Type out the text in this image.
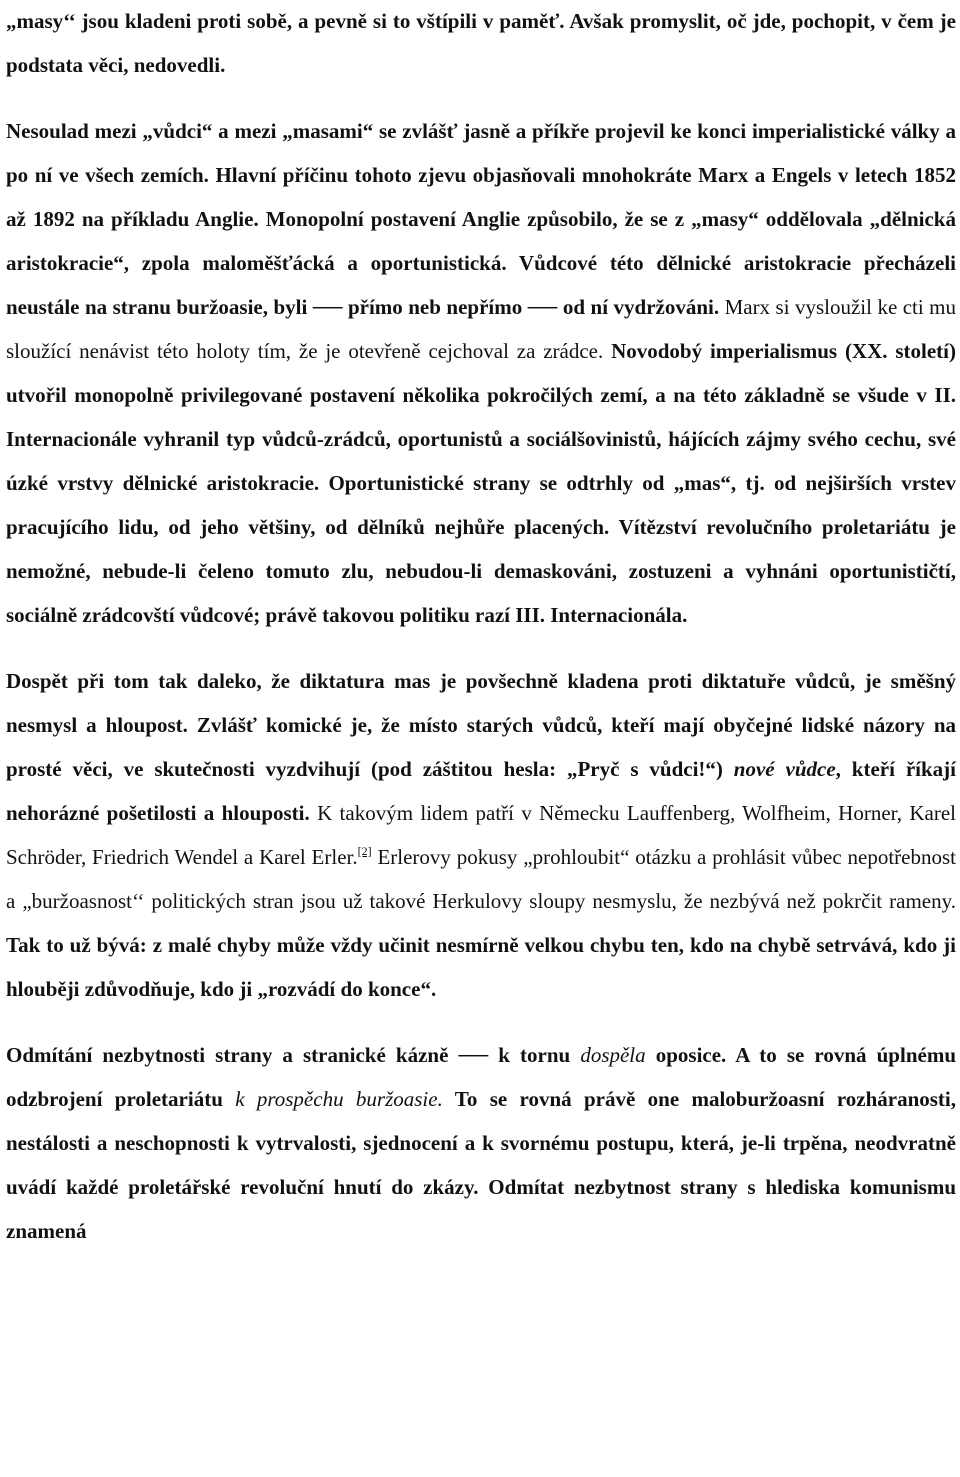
„masy‘‘ jsou kladeni proti sobě, a pevně si to vštípili v paměť. Avšak promyslit, oč jde, pochopit, v čem je podstata věci, nedovedli.

Nesoulad mezi „vůdci“ a mezi „masami“ se zvlášť jasně a příkře projevil ke konci imperialistické války a po ní ve všech zemích. Hlavní příčinu tohoto zjevu objasňovali mnohokráte Marx a Engels v letech 1852 až 1892 na příkladu Anglie. Monopolní postavení Anglie způsobilo, že se z „masy“ oddělovala „dělnická aristokracie“, zpola maloměšťácká a oportunistická. Vůdcové této dělnické aristokracie přecházeli neustále na stranu buržoasie, byli ── přímo neb nepřímo ── od ní vydržováni. Marx si vysloužil ke cti mu sloužící nenávist této holoty tím, že je otevřeně cejchoval za zrádce. Novodobý imperialismus (XX. století) utvořil monopolně privilegované postavení několika pokročilých zemí, a na této základně se všude v II. Internacionále vyhranil typ vůdců-zrádců, oportunistů a sociálšovinistů, hájících zájmy svého cechu, své úzké vrstvy dělnické aristokracie. Oportunistické strany se odtrhly od „mas“, tj. od nejširších vrstev pracujícího lidu, od jeho většiny, od dělníků nejhůře placených. Vítězství revolučního proletariátu je nemožné, nebude-li čeleno tomuto zlu, nebudou-li demaskováni, zostuzeni a vyhnáni oportunističtí, sociálně zrádcovští vůdcové; právě takovou politiku razí III. Internacionála.

Dospět při tom tak daleko, že diktatura mas je povšechně kladena proti diktatuře vůdců, je směšný nesmysl a hloupost. Zvlášť komické je, že místo starých vůdců, kteří mají obyčejné lidské názory na prosté věci, ve skutečnosti vyzdvihují (pod záštitou hesla: „Pryč s vůdci!“) nové vůdce, kteří říkají nehorázné pošetilosti a hlouposti. K takovým lidem patří v Německu Lauffenberg, Wolfheim, Horner, Karel Schröder, Friedrich Wendel a Karel Erler.[2] Erlerovy pokusy „prohloubit“ otázku a prohlásit vůbec nepotřebnost a „buržoasnost‘‘ politických stran jsou už takové Herkulovy sloupy nesmyslu, že nezbývá než pokrčit rameny. Tak to už bývá: z malé chyby může vždy učinit nesmírně velkou chybu ten, kdo na chybě setrvává, kdo ji hlouběji zdůvodňuje, kdo ji „rozvádí do konce“.

Odmítání nezbytnosti strany a stranické kázně ── k tornu dospěla oposice. A to se rovná úplnému odzbrojení proletariátu k prospěchu buržoasie. To se rovná právě one maloburžoasní rozháranosti, nestálosti a neschopnosti k vytrvalosti, sjednocení a k svornému postupu, která, je-li trpěna, neodvratně uvádí každé proletářské revoluční hnutí do zkázy. Odmítat nezbytnost strany s hlediska komunismu znamená
